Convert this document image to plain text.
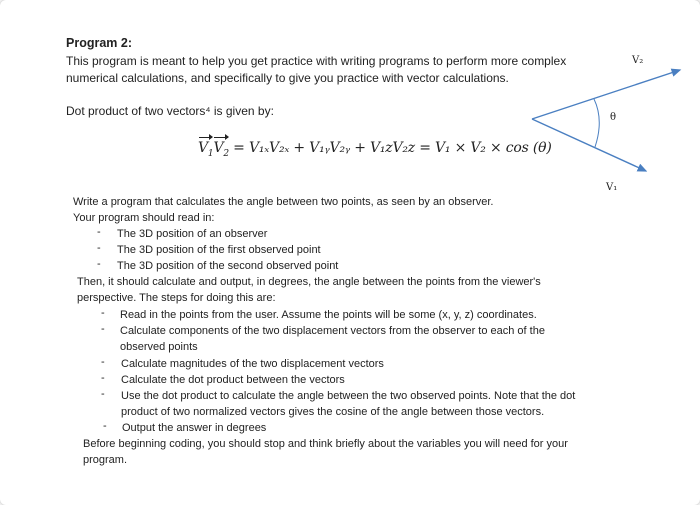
Program 2:
This program is meant to help you get practice with writing programs to perform more complex
numerical calculations, and specifically to give you practice with vector calculations.
Dot product of two vectors⁴ is given by:
$V_1V_2 = V_{1x}V_{2x}$ + V₁ᵧV₂ᵧ + V₁zV₂z = V₁ × V₂ × cos (θ)
V₂
θ
V₁
Write a program that calculates the angle between two points, as seen by an observer.
Your program should read in:
- The 3D position of an observer
- The 3D position of the first observed point
- The 3D position of the second observed point
Then, it should calculate and output, in degrees, the angle between the points from the viewer's
perspective. The steps for doing this are:
- Read in the points from the user. Assume the points will be some (x, y, z) coordinates.
- Calculate components of the two displacement vectors from the observer to each of the
observed points
- Calculate magnitudes of the two displacement vectors
- Calculate the dot product between the vectors
- Use the dot product to calculate the angle between the two observed points. Note that the dot
product of two normalized vectors gives the cosine of the angle between those vectors.
- Output the answer in degrees
Before beginning coding, you should stop and think briefly about the variables you will need for your
program.
